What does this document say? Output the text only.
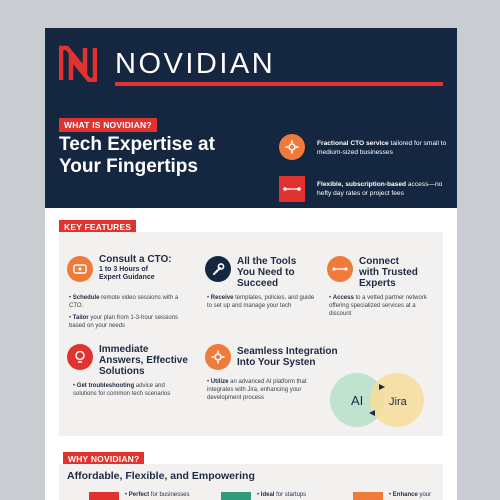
NOVIDIAN
WHAT IS NOVIDIAN?
Tech Expertise at
Your Fingertips
Fractional CTO service tailored for small to medium-sized businesses
Flexible, subscription-based access—no hefty day rates or project fees
KEY FEATURES
Consult a CTO:
1 to 3 Hours of
Expert Guidance
• Schedule remote video sessions with a CTO.
• Tailor your plan from 1-3-hour sessions based on your needs
All the Tools
You Need to
Succeed
• Receive templates, policies, and guide to set up and manage your tech
Connect
with Trusted
Experts
• Access to a vetted partner network offering specialized services at a discount
Immediate
Answers, Effective
Solutions
• Get troubleshooting advice and solutions for common tech scenarios
Seamless Integration
Into Your Systen
• Utilize an advanced AI platform that integrates with Jira, enhancing your development process	AI Jira
WHY NOVIDIAN?
Affordable, Flexible, and Empowering
• Perfect for businesses	• Ideal for startups	• Enhance your
